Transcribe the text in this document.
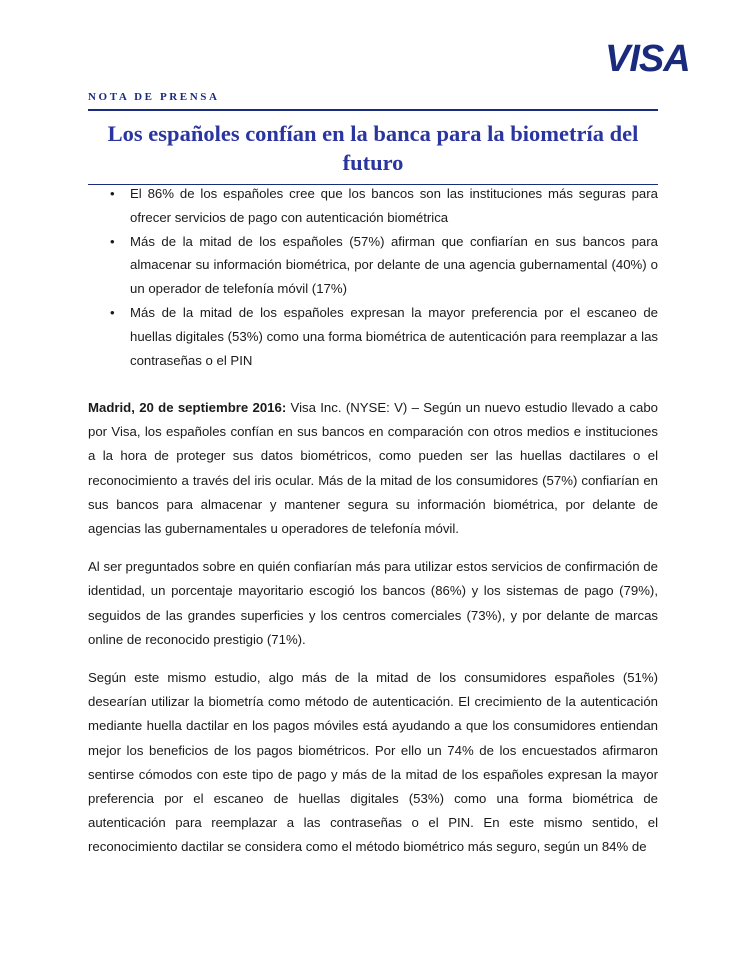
VISA
NOTA DE PRENSA
Los españoles confían en la banca para la biometría del futuro
• El 86% de los españoles cree que los bancos son las instituciones más seguras para ofrecer servicios de pago con autenticación biométrica
• Más de la mitad de los españoles (57%) afirman que confiarían en sus bancos para almacenar su información biométrica, por delante de una agencia gubernamental (40%) o un operador de telefonía móvil (17%)
• Más de la mitad de los españoles expresan la mayor preferencia por el escaneo de huellas digitales (53%) como una forma biométrica de autenticación para reemplazar a las contraseñas o el PIN

Madrid, 20 de septiembre 2016: Visa Inc. (NYSE: V) – Según un nuevo estudio llevado a cabo por Visa, los españoles confían en sus bancos en comparación con otros medios e instituciones a la hora de proteger sus datos biométricos, como pueden ser las huellas dactilares o el reconocimiento a través del iris ocular. Más de la mitad de los consumidores (57%) confiarían en sus bancos para almacenar y mantener segura su información biométrica, por delante de agencias las gubernamentales u operadores de telefonía móvil.

Al ser preguntados sobre en quién confiarían más para utilizar estos servicios de confirmación de identidad, un porcentaje mayoritario escogió los bancos (86%) y los sistemas de pago (79%), seguidos de las grandes superficies y los centros comerciales (73%), y por delante de marcas online de reconocido prestigio (71%).

Según este mismo estudio, algo más de la mitad de los consumidores españoles (51%) desearían utilizar la biometría como método de autenticación. El crecimiento de la autenticación mediante huella dactilar en los pagos móviles está ayudando a que los consumidores entiendan mejor los beneficios de los pagos biométricos. Por ello un 74% de los encuestados afirmaron sentirse cómodos con este tipo de pago y más de la mitad de los españoles expresan la mayor preferencia por el escaneo de huellas digitales (53%) como una forma biométrica de autenticación para reemplazar a las contraseñas o el PIN. En este mismo sentido, el reconocimiento dactilar se considera como el método biométrico más seguro, según un 84% de
